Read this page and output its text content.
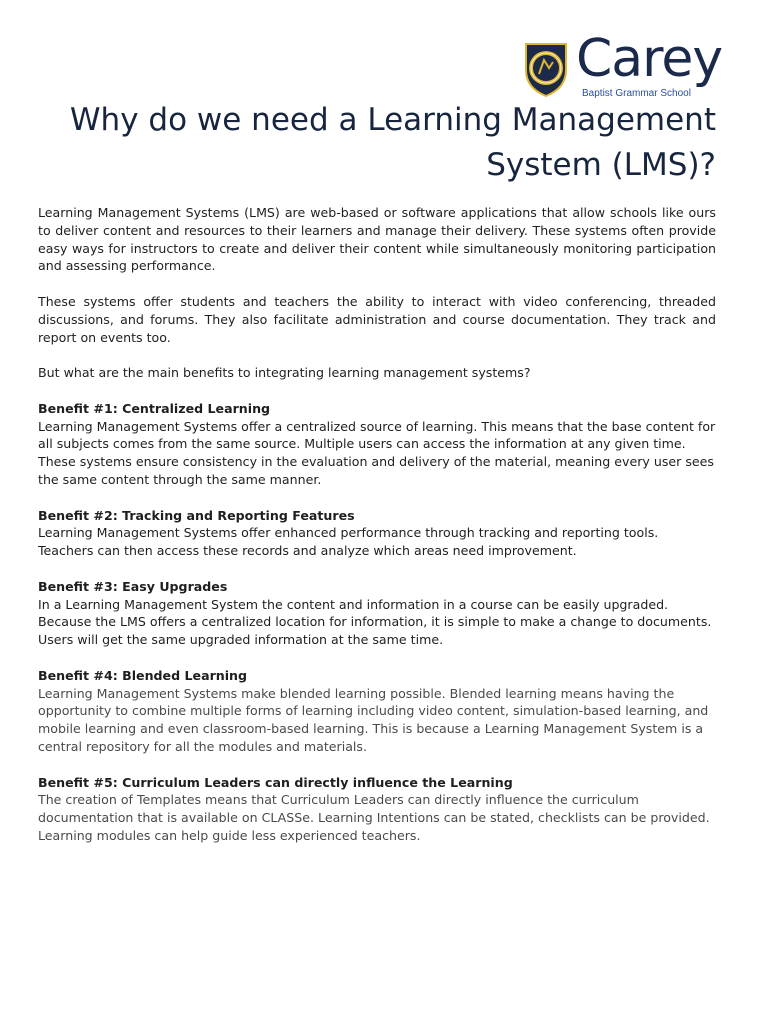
Carey
Baptist Grammar School
Why do we need a Learning Management System (LMS)?

Learning Management Systems (LMS) are web-based or software applications that allow schools like ours to deliver content and resources to their learners and manage their delivery. These systems often provide easy ways for instructors to create and deliver their content while simultaneously monitoring participation and assessing performance.

These systems offer students and teachers the ability to interact with video conferencing, threaded discussions, and forums. They also facilitate administration and course documentation. They track and report on events too.

But what are the main benefits to integrating learning management systems?

Benefit #1: Centralized Learning
Learning Management Systems offer a centralized source of learning. This means that the base content for all subjects comes from the same source. Multiple users can access the information at any given time. These systems ensure consistency in the evaluation and delivery of the material, meaning every user sees the same content through the same manner.

Benefit #2: Tracking and Reporting Features
Learning Management Systems offer enhanced performance through tracking and reporting tools. Teachers can then access these records and analyze which areas need improvement.

Benefit #3: Easy Upgrades
In a Learning Management System the content and information in a course can be easily upgraded. Because the LMS offers a centralized location for information, it is simple to make a change to documents. Users will get the same upgraded information at the same time.

Benefit #4: Blended Learning
Learning Management Systems make blended learning possible. Blended learning means having the opportunity to combine multiple forms of learning including video content, simulation-based learning, and mobile learning and even classroom-based learning. This is because a Learning Management System is a central repository for all the modules and materials.

Benefit #5: Curriculum Leaders can directly influence the Learning
The creation of Templates means that Curriculum Leaders can directly influence the curriculum documentation that is available on CLASSe. Learning Intentions can be stated, checklists can be provided. Learning modules can help guide less experienced teachers.
